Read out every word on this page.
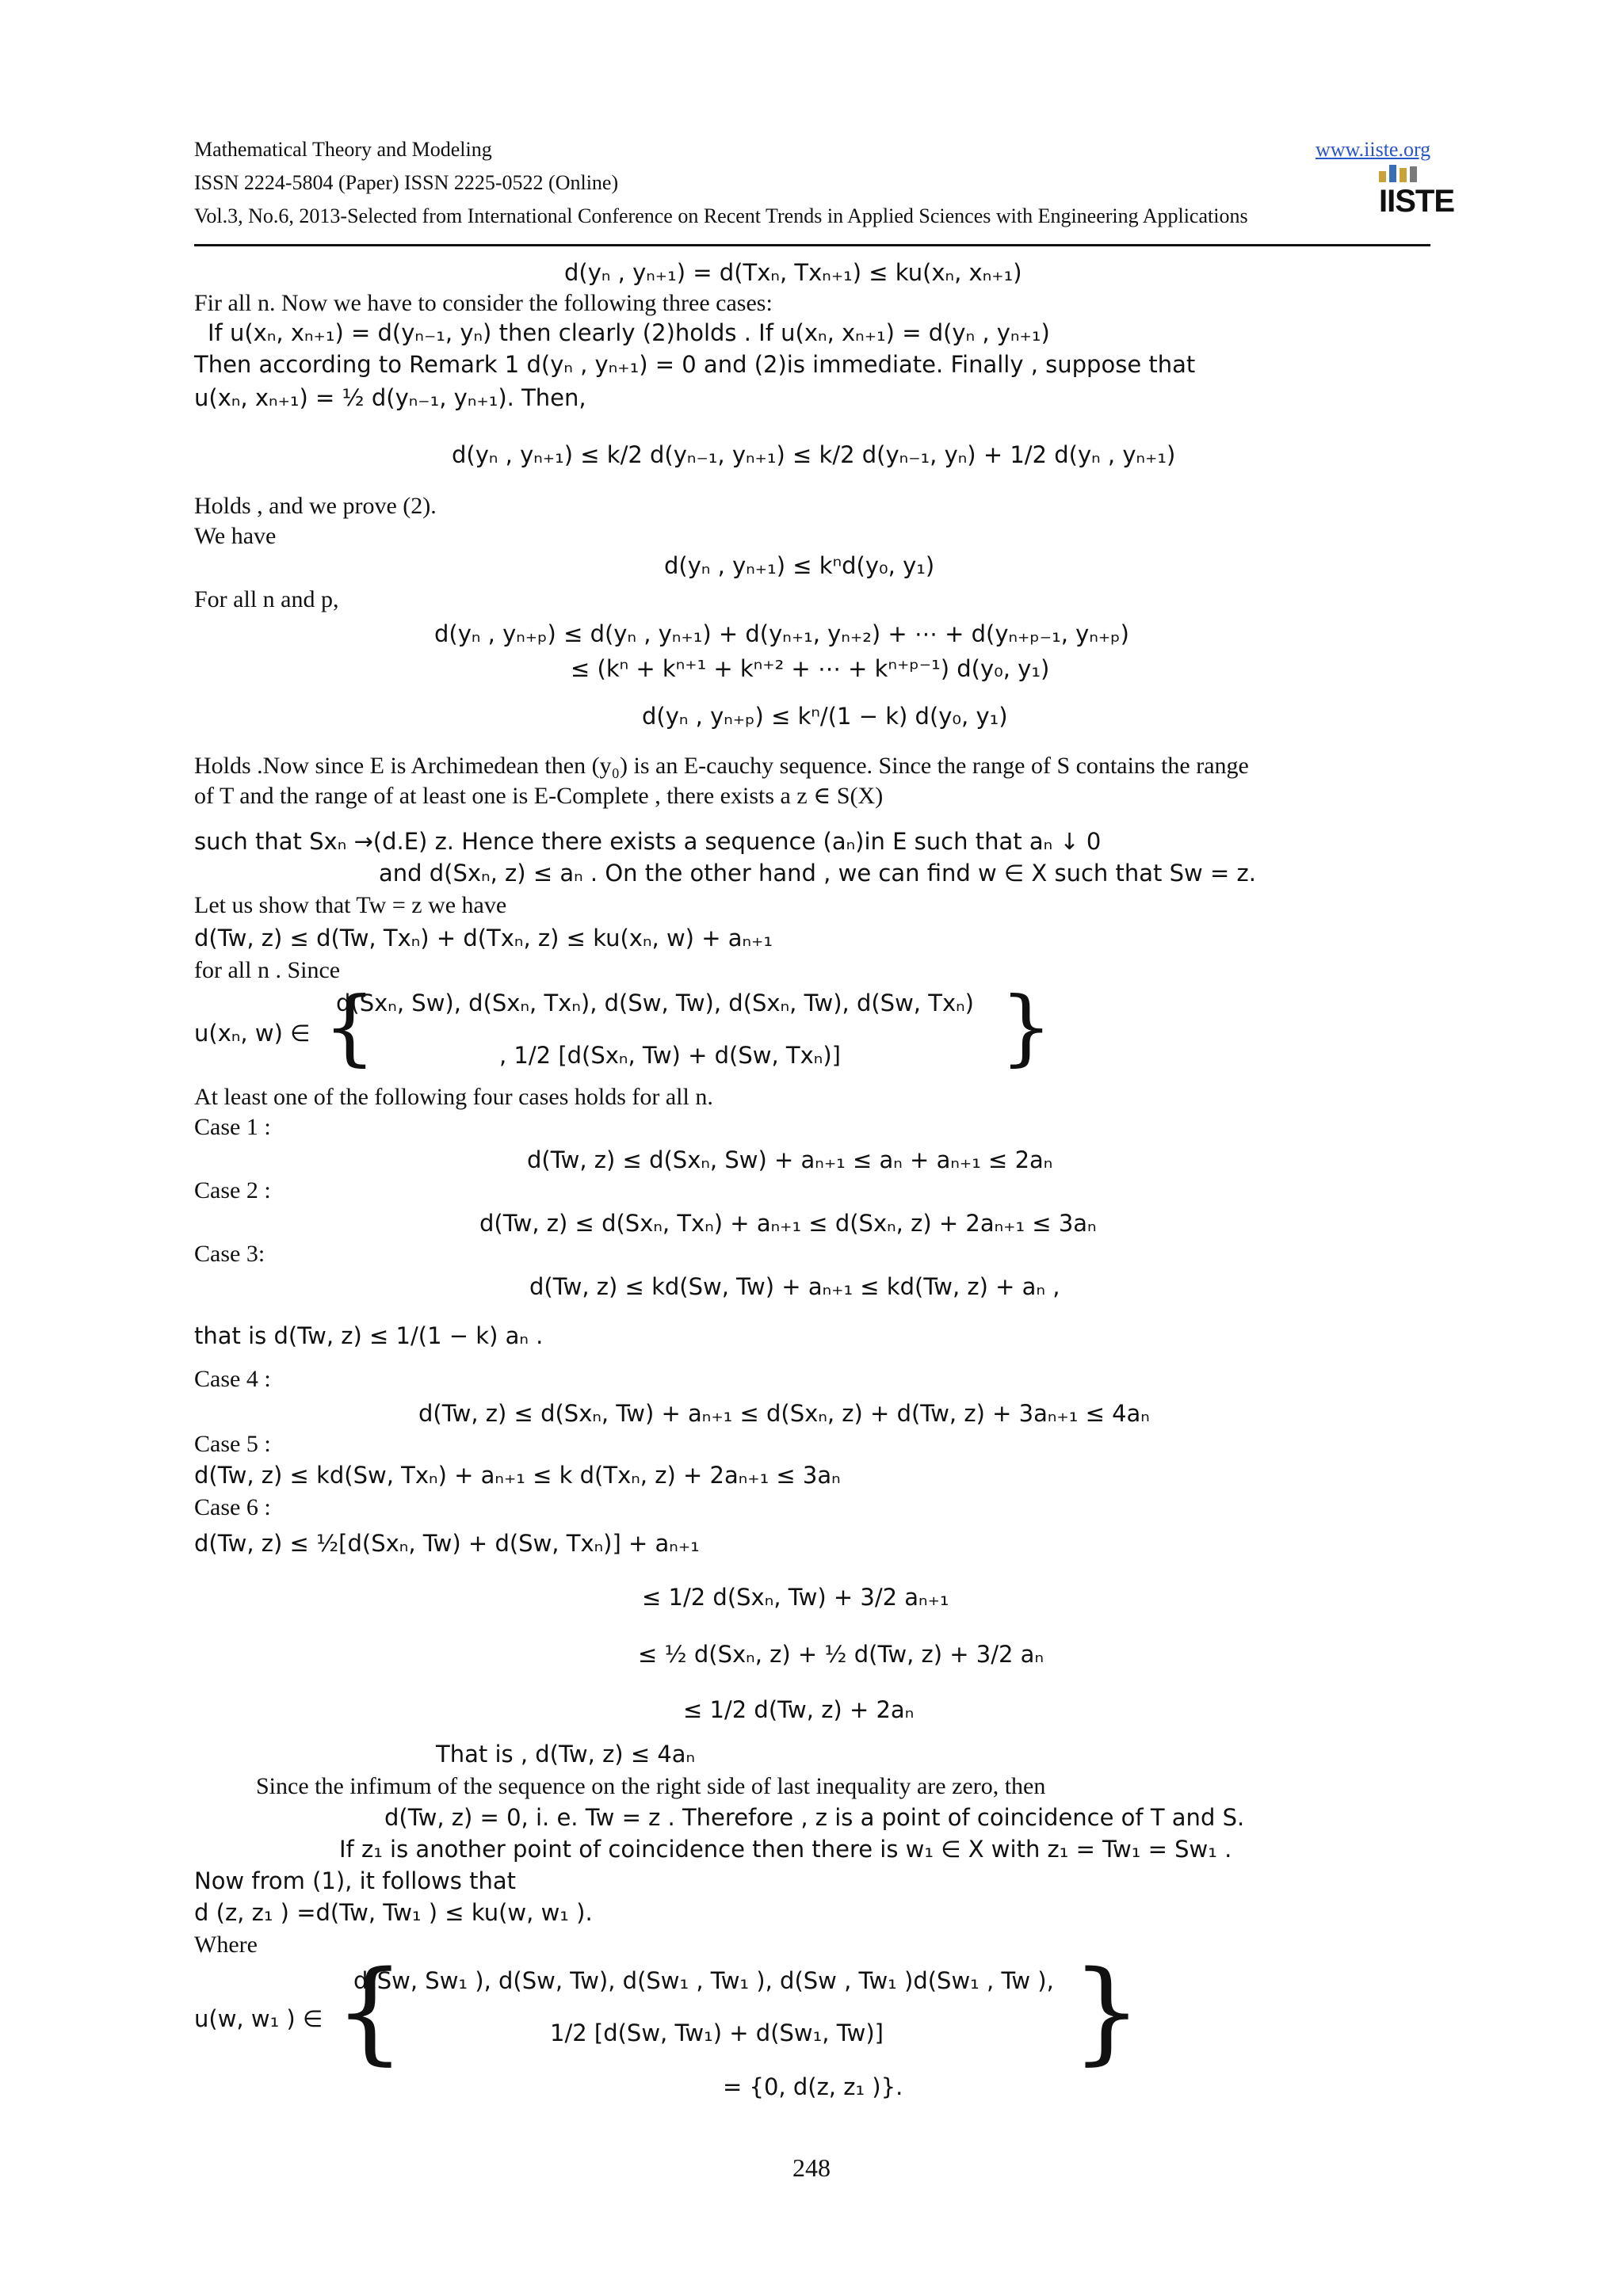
Mathematical Theory and Modeling
ISSN 2224-5804 (Paper) ISSN 2225-0522 (Online)
Vol.3, No.6, 2013-Selected from International Conference on Recent Trends in Applied Sciences with Engineering Applications
www.iiste.org
IISTE
d(yₙ , yₙ₊₁) = d(Txₙ, Txₙ₊₁) ≤ ku(xₙ, xₙ₊₁)
Fir all n. Now we have to consider the following three cases:
If u(xₙ, xₙ₊₁) = d(yₙ₋₁, yₙ) then clearly (2)holds . If u(xₙ, xₙ₊₁) = d(yₙ , yₙ₊₁)
Then according to Remark 1 d(yₙ , yₙ₊₁) = 0 and (2)is immediate. Finally , suppose that
u(xₙ, xₙ₊₁) = ½ d(yₙ₋₁, yₙ₊₁). Then,
d(yₙ , yₙ₊₁) ≤ k/2 d(yₙ₋₁, yₙ₊₁) ≤ k/2 d(yₙ₋₁, yₙ) + 1/2 d(yₙ , yₙ₊₁)
Holds , and we prove (2).
We have
d(yₙ , yₙ₊₁) ≤ kⁿd(y₀, y₁)
For all n and p,
d(yₙ , yₙ₊ₚ) ≤ d(yₙ , yₙ₊₁) + d(yₙ₊₁, yₙ₊₂) + ⋯ + d(yₙ₊ₚ₋₁, yₙ₊ₚ)
≤ (kⁿ + kⁿ⁺¹ + kⁿ⁺² + ⋯ + kⁿ⁺ᵖ⁻¹) d(y₀, y₁)
d(yₙ , yₙ₊ₚ) ≤ kⁿ/(1 − k) d(y₀, y₁)
Holds .Now since E is Archimedean then (y₀) is an E-cauchy sequence. Since the range of S contains the range
of T and the range of at least one is E-Complete , there exists a z ∈ S(X)
such that Sxₙ →(d.E) z. Hence there exists a sequence (aₙ)in E such that aₙ ↓ 0
and d(Sxₙ, z) ≤ aₙ . On the other hand , we can find w ∈ X such that Sw = z.
Let us show that Tw = z we have
d(Tw, z) ≤ d(Tw, Txₙ) + d(Txₙ, z) ≤ ku(xₙ, w) + aₙ₊₁
for all n . Since
u(xₙ, w) ∈ {
d(Sxₙ, Sw), d(Sxₙ, Txₙ), d(Sw, Tw), d(Sxₙ, Tw), d(Sw, Txₙ)
, 1/2 [d(Sxₙ, Tw) + d(Sw, Txₙ)] }
At least one of the following four cases holds for all n.
Case 1 :
d(Tw, z) ≤ d(Sxₙ, Sw) + aₙ₊₁ ≤ aₙ + aₙ₊₁ ≤ 2aₙ
Case 2 :
d(Tw, z) ≤ d(Sxₙ, Txₙ) + aₙ₊₁ ≤ d(Sxₙ, z) + 2aₙ₊₁ ≤ 3aₙ
Case 3:
d(Tw, z) ≤ kd(Sw, Tw) + aₙ₊₁ ≤ kd(Tw, z) + aₙ ,
that is d(Tw, z) ≤ 1/(1 − k) aₙ .
Case 4 :
d(Tw, z) ≤ d(Sxₙ, Tw) + aₙ₊₁ ≤ d(Sxₙ, z) + d(Tw, z) + 3aₙ₊₁ ≤ 4aₙ
Case 5 :
d(Tw, z) ≤ kd(Sw, Txₙ) + aₙ₊₁ ≤ k d(Txₙ, z) + 2aₙ₊₁ ≤ 3aₙ
Case 6 :
d(Tw, z) ≤ ½[d(Sxₙ, Tw) + d(Sw, Txₙ)] + aₙ₊₁
≤ 1/2 d(Sxₙ, Tw) + 3/2 aₙ₊₁
≤ ½ d(Sxₙ, z) + ½ d(Tw, z) + 3/2 aₙ
≤ 1/2 d(Tw, z) + 2aₙ
That is , d(Tw, z) ≤ 4aₙ
Since the infimum of the sequence on the right side of last inequality are zero, then
d(Tw, z) = 0, i. e. Tw = z . Therefore , z is a point of coincidence of T and S.
If z₁ is another point of coincidence then there is w₁ ∈ X with z₁ = Tw₁ = Sw₁ .
Now from (1), it follows that
d (z, z₁ ) =d(Tw, Tw₁ ) ≤ ku(w, w₁ ).
Where
u(w, w₁ ) ∈ {
d(Sw, Sw₁ ), d(Sw, Tw), d(Sw₁ , Tw₁ ), d(Sw , Tw₁ )d(Sw₁ , Tw ),
1/2 [d(Sw, Tw₁) + d(Sw₁, Tw)] }
= {0, d(z, z₁ )}.
248
